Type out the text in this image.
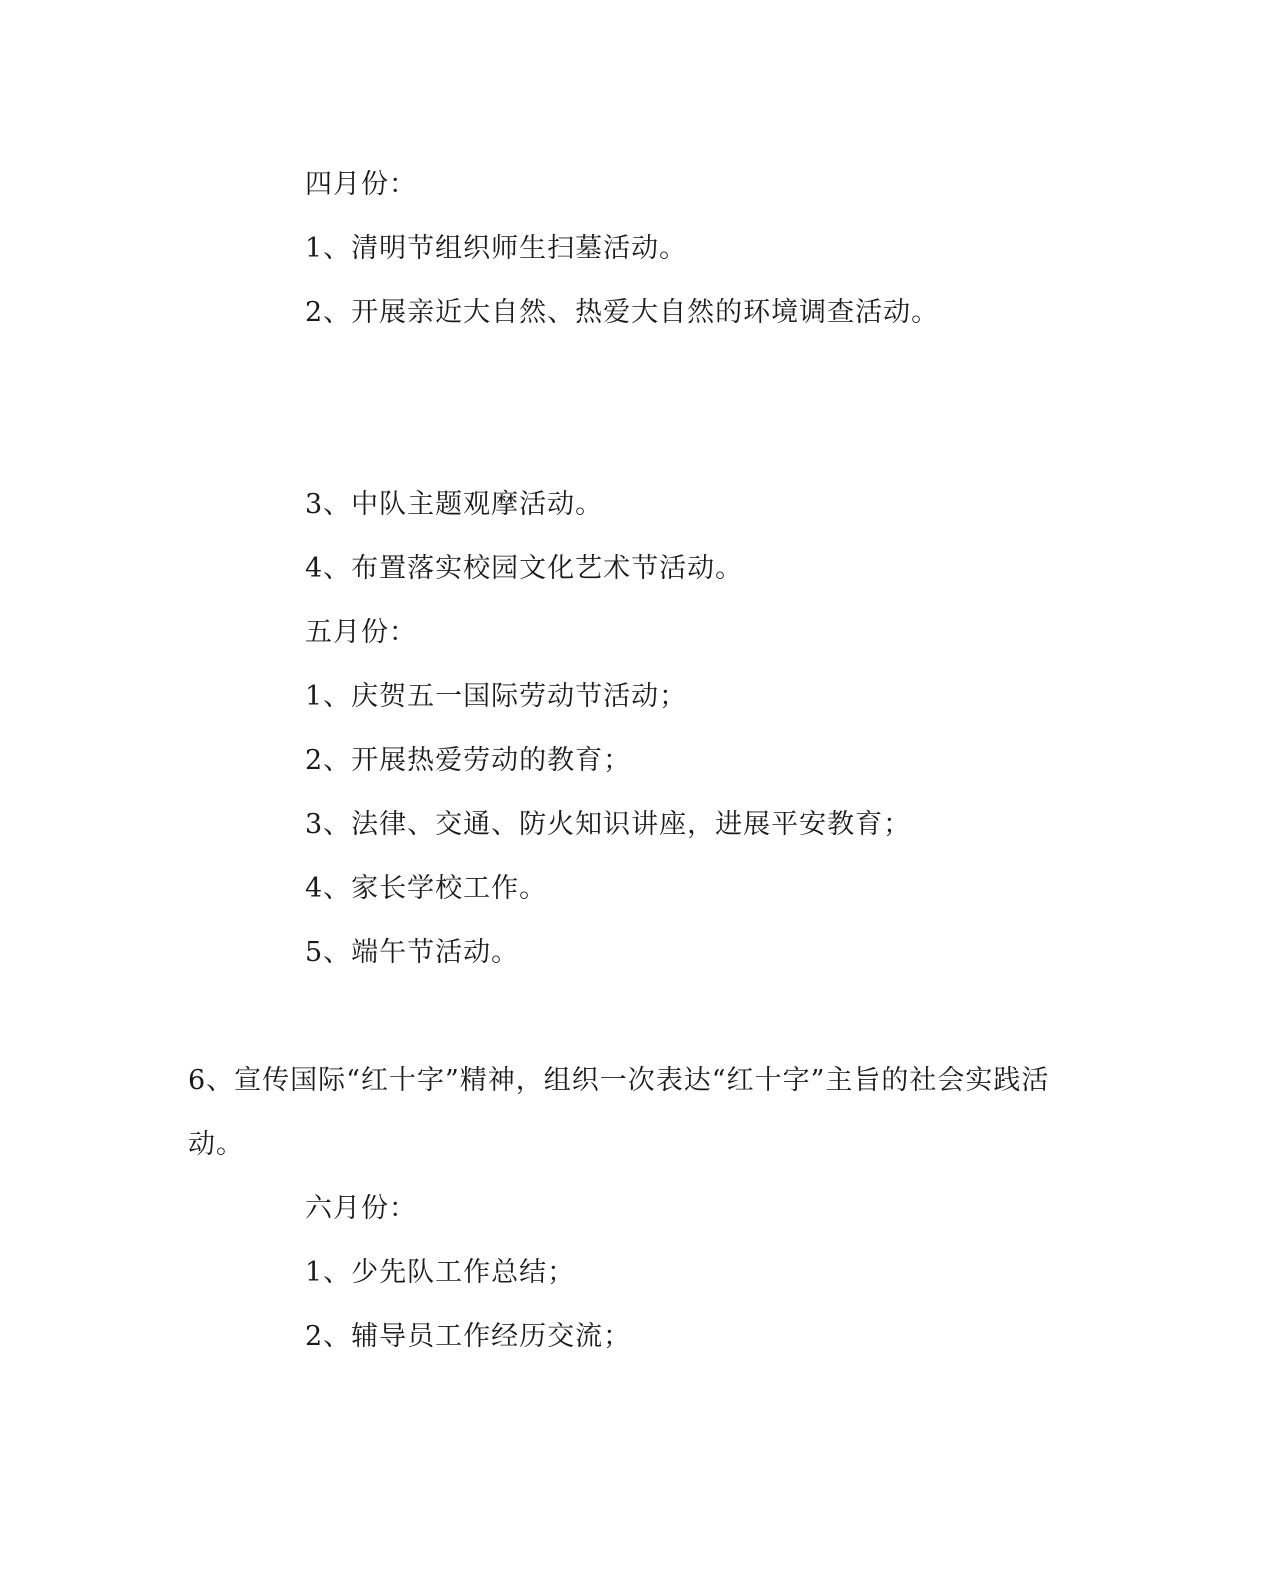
四月份：
1、清明节组织师生扫墓活动。
2、开展亲近大自然、热爱大自然的环境调查活动。
3、中队主题观摩活动。
4、布置落实校园文化艺术节活动。
五月份：
1、庆贺五一国际劳动节活动；
2、开展热爱劳动的教育；
3、法律、交通、防火知识讲座，进展平安教育；
4、家长学校工作。
5、端午节活动。
6、宣传国际“红十字”精神，组织一次表达“红十字”主旨的社会实践活
动。
六月份：
1、少先队工作总结；
2、辅导员工作经历交流；
